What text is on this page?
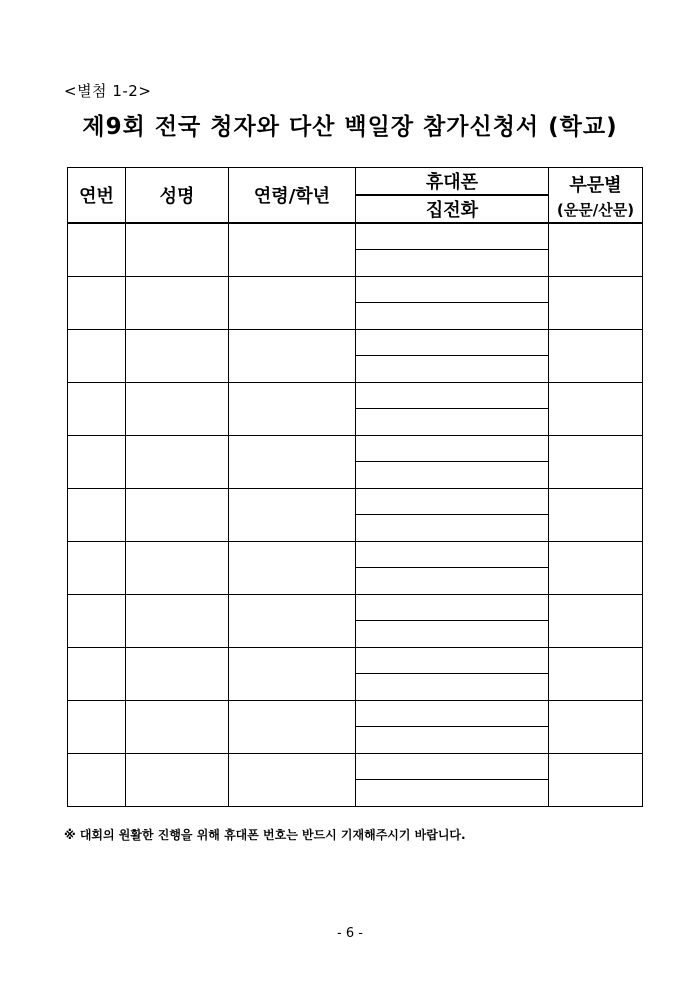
<별첨 1-2>
제9회 전국 청자와 다산 백일장 참가신청서 (학교)
연번	성명	연령/학년	휴대폰	부문별
(운문/산문)

			집전화	

※ 대회의 원활한 진행을 위해 휴대폰 번호는 반드시 기재해주시기 바랍니다.
- 6 -
